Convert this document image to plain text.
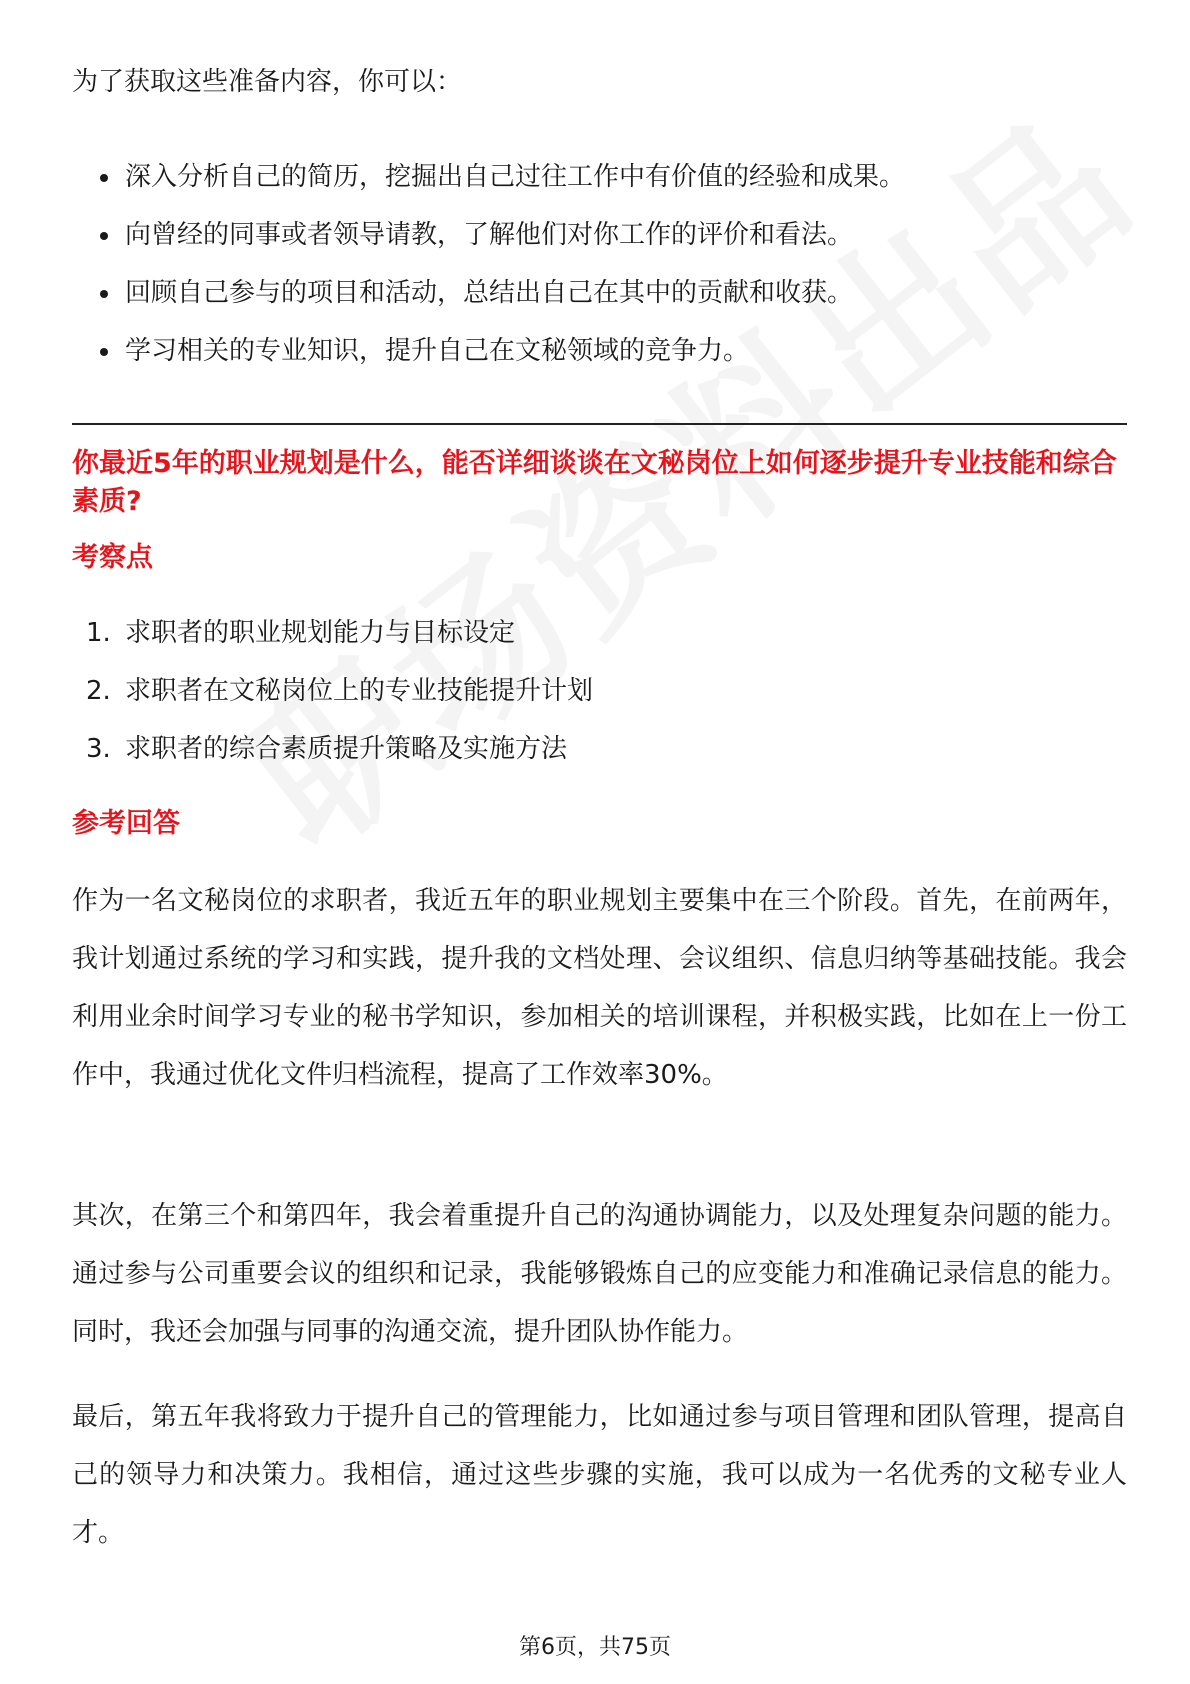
为了获取这些准备内容，你可以：

深入分析自己的简历，挖掘出自己过往工作中有价值的经验和成果。
向曾经的同事或者领导请教，了解他们对你工作的评价和看法。
回顾自己参与的项目和活动，总结出自己在其中的贡献和收获。
学习相关的专业知识，提升自己在文秘领域的竞争力。
你最近5年的职业规划是什么，能否详细谈谈在文秘岗位上如何逐步提升专业技能和综合素质?
考察点
1. 求职者的职业规划能力与目标设定
2. 求职者在文秘岗位上的专业技能提升计划
3. 求职者的综合素质提升策略及实施方法
参考回答

作为一名文秘岗位的求职者，我近五年的职业规划主要集中在三个阶段。首先，在前两年，我计划通过系统的学习和实践，提升我的文档处理、会议组织、信息归纳等基础技能。我会利用业余时间学习专业的秘书学知识，参加相关的培训课程，并积极实践，比如在上一份工作中，我通过优化文件归档流程，提高了工作效率30%。

其次，在第三个和第四年，我会着重提升自己的沟通协调能力，以及处理复杂问题的能力。通过参与公司重要会议的组织和记录，我能够锻炼自己的应变能力和准确记录信息的能力。同时，我还会加强与同事的沟通交流，提升团队协作能力。

最后，第五年我将致力于提升自己的管理能力，比如通过参与项目管理和团队管理，提高自己的领导力和决策力。我相信，通过这些步骤的实施，我可以成为一名优秀的文秘专业人才。

第6页，共75页
